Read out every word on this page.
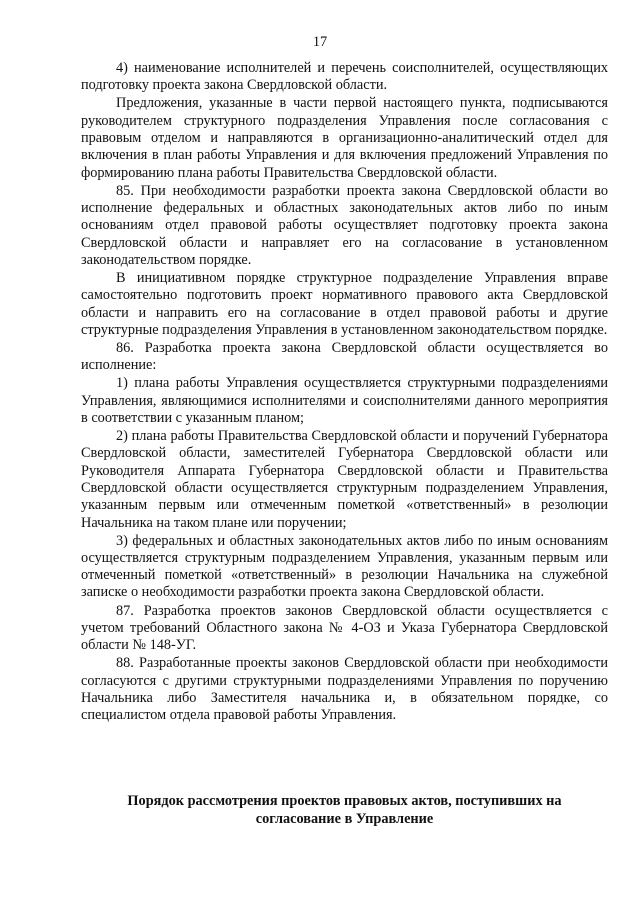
17

4) наименование исполнителей и перечень соисполнителей, осуществляющих подготовку проекта закона Свердловской области.

Предложения, указанные в части первой настоящего пункта, подписываются руководителем структурного подразделения Управления после согласования с правовым отделом и направляются в организационно-аналитический отдел для включения в план работы Управления и для включения предложений Управления по формированию плана работы Правительства Свердловской области.

85. При необходимости разработки проекта закона Свердловской области во исполнение федеральных и областных законодательных актов либо по иным основаниям отдел правовой работы осуществляет подготовку проекта закона Свердловской области и направляет его на согласование в установленном законодательством порядке.

В инициативном порядке структурное подразделение Управления вправе самостоятельно подготовить проект нормативного правового акта Свердловской области и направить его на согласование в отдел правовой работы и другие структурные подразделения Управления в установленном законодательством порядке.

86. Разработка проекта закона Свердловской области осуществляется во исполнение:

1) плана работы Управления осуществляется структурными подразделениями Управления, являющимися исполнителями и соисполнителями данного мероприятия в соответствии с указанным планом;

2) плана работы Правительства Свердловской области и поручений Губернатора Свердловской области, заместителей Губернатора Свердловской области или Руководителя Аппарата Губернатора Свердловской области и Правительства Свердловской области осуществляется структурным подразделением Управления, указанным первым или отмеченным пометкой «ответственный» в резолюции Начальника на таком плане или поручении;

3) федеральных и областных законодательных актов либо по иным основаниям осуществляется структурным подразделением Управления, указанным первым или отмеченный пометкой «ответственный» в резолюции Начальника на служебной записке о необходимости разработки проекта закона Свердловской области.

87. Разработка проектов законов Свердловской области осуществляется с учетом требований Областного закона № 4-ОЗ и Указа Губернатора Свердловской области № 148-УГ.

88. Разработанные проекты законов Свердловской области при необходимости согласуются с другими структурными подразделениями Управления по поручению Начальника либо Заместителя начальника и, в обязательном порядке, со специалистом отдела правовой работы Управления.

Порядок рассмотрения проектов правовых актов, поступивших на
согласование в Управление
